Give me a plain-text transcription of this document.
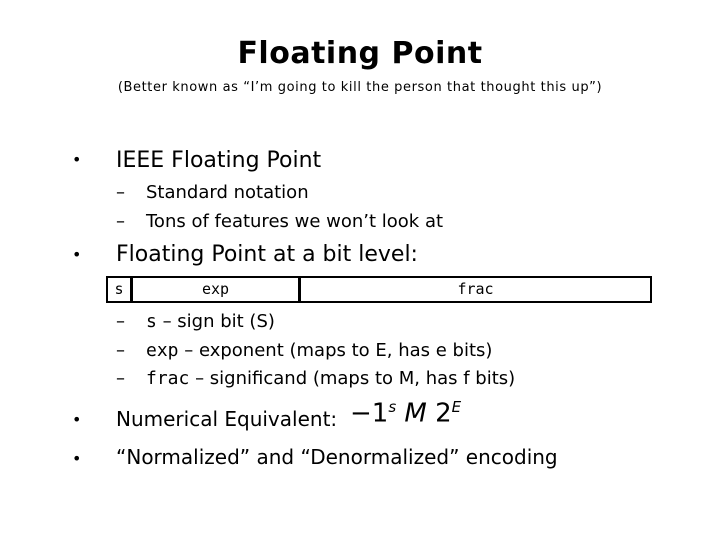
Floating Point
(Better known as “I’m going to kill the person that thought this up”)
• IEEE Floating Point
– Standard notation
– Tons of features we won’t look at
• Floating Point at a bit level:
s	exp	frac
– s – sign bit (S)
– exp – exponent (maps to E, has e bits)
– frac – significand (maps to M, has f bits)
• Numerical Equivalent: $-1^s$ M $2^E$
• “Normalized” and “Denormalized” encoding
